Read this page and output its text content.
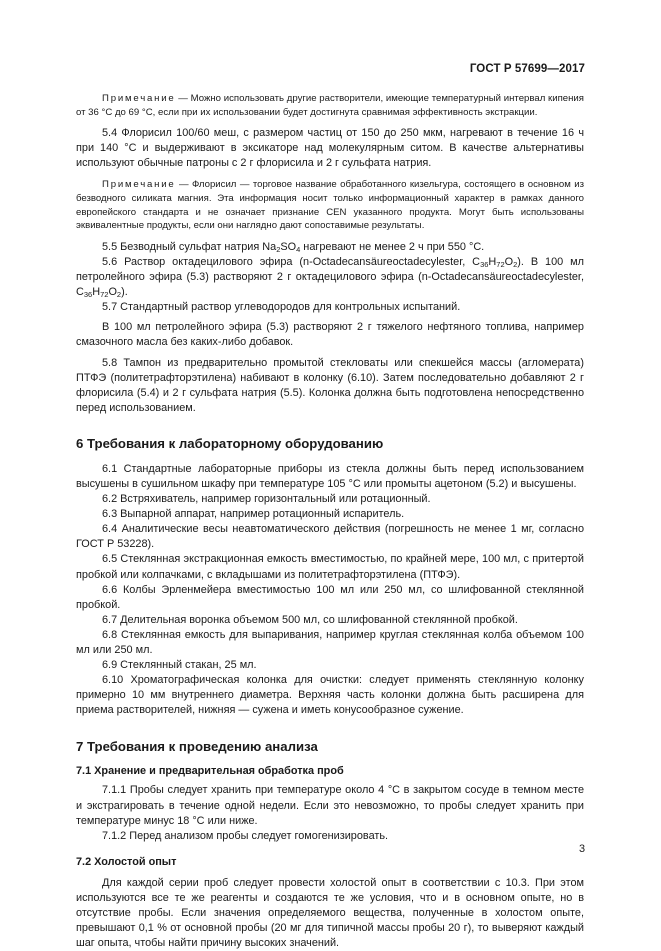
ГОСТ Р 57699—2017

Примечание — Можно использовать другие растворители, имеющие температурный интервал кипения от 36 °C до 69 °C, если при их использовании будет достигнута сравнимая эффективность экстракции.

5.4 Флорисил 100/60 меш, с размером частиц от 150 до 250 мкм, нагревают в течение 16 ч при 140 °C и выдерживают в эксикаторе над молекулярным ситом. В качестве альтернативы используют обычные патроны с 2 г флорисила и 2 г сульфата натрия.

Примечание — Флорисил — торговое название обработанного кизельгура, состоящего в основном из безводного силиката магния. Эта информация носит только информационный характер в рамках данного европейского стандарта и не означает признание CEN указанного продукта. Могут быть использованы эквивалентные продукты, если они наглядно дают сопоставимые результаты.

5.5 Безводный сульфат натрия $Na_2SO_4$ нагревают не менее 2 ч при 550 °C.

5.6 Раствор октадецилового эфира (n-Octadecansäureoctadecylester, $C_{36}H_{72}O_2$). В 100 мл петролейного эфира (5.3) растворяют 2 г октадецилового эфира (n-Octadecansäureoctadecylester, $C_{36}H_{72}O_2$).

5.7 Стандартный раствор углеводородов для контрольных испытаний.

В 100 мл петролейного эфира (5.3) растворяют 2 г тяжелого нефтяного топлива, например смазочного масла без каких-либо добавок.

5.8 Тампон из предварительно промытой стекловаты или спекшейся массы (агломерата) ПТФЭ (политетрафторэтилена) набивают в колонку (6.10). Затем последовательно добавляют 2 г флорисила (5.4) и 2 г сульфата натрия (5.5). Колонка должна быть подготовлена непосредственно перед использованием.

6 Требования к лабораторному оборудованию

6.1 Стандартные лабораторные приборы из стекла должны быть перед использованием высушены в сушильном шкафу при температуре 105 °C или промыты ацетоном (5.2) и высушены.

6.2 Встряхиватель, например горизонтальный или ротационный.

6.3 Выпарной аппарат, например ротационный испаритель.

6.4 Аналитические весы неавтоматического действия (погрешность не менее 1 мг, согласно ГОСТ Р 53228).

6.5 Стеклянная экстракционная емкость вместимостью, по крайней мере, 100 мл, с притертой пробкой или колпачками, с вкладышами из политетрафторэтилена (ПТФЭ).

6.6 Колбы Эрленмейера вместимостью 100 мл или 250 мл, со шлифованной стеклянной пробкой.

6.7 Делительная воронка объемом 500 мл, со шлифованной стеклянной пробкой.

6.8 Стеклянная емкость для выпаривания, например круглая стеклянная колба объемом 100 мл или 250 мл.

6.9 Стеклянный стакан, 25 мл.

6.10 Хроматографическая колонка для очистки: следует применять стеклянную колонку примерно 10 мм внутреннего диаметра. Верхняя часть колонки должна быть расширена для приема растворителей, нижняя — сужена и иметь конусообразное сужение.

7 Требования к проведению анализа
7.1 Хранение и предварительная обработка проб

7.1.1 Пробы следует хранить при температуре около 4 °C в закрытом сосуде в темном месте и экстрагировать в течение одной недели. Если это невозможно, то пробы следует хранить при температуре минус 18 °C или ниже.

7.1.2 Перед анализом пробы следует гомогенизировать.

7.2 Холостой опыт

Для каждой серии проб следует провести холостой опыт в соответствии с 10.3. При этом используются все те же реагенты и создаются те же условия, что и в основном опыте, но в отсутствие пробы. Если значения определяемого вещества, полученные в холостом опыте, превышают 0,1 % от основной пробы (20 мг для типичной массы пробы 20 г), то выверяют каждый шаг опыта, чтобы найти причину высоких значений.

3
